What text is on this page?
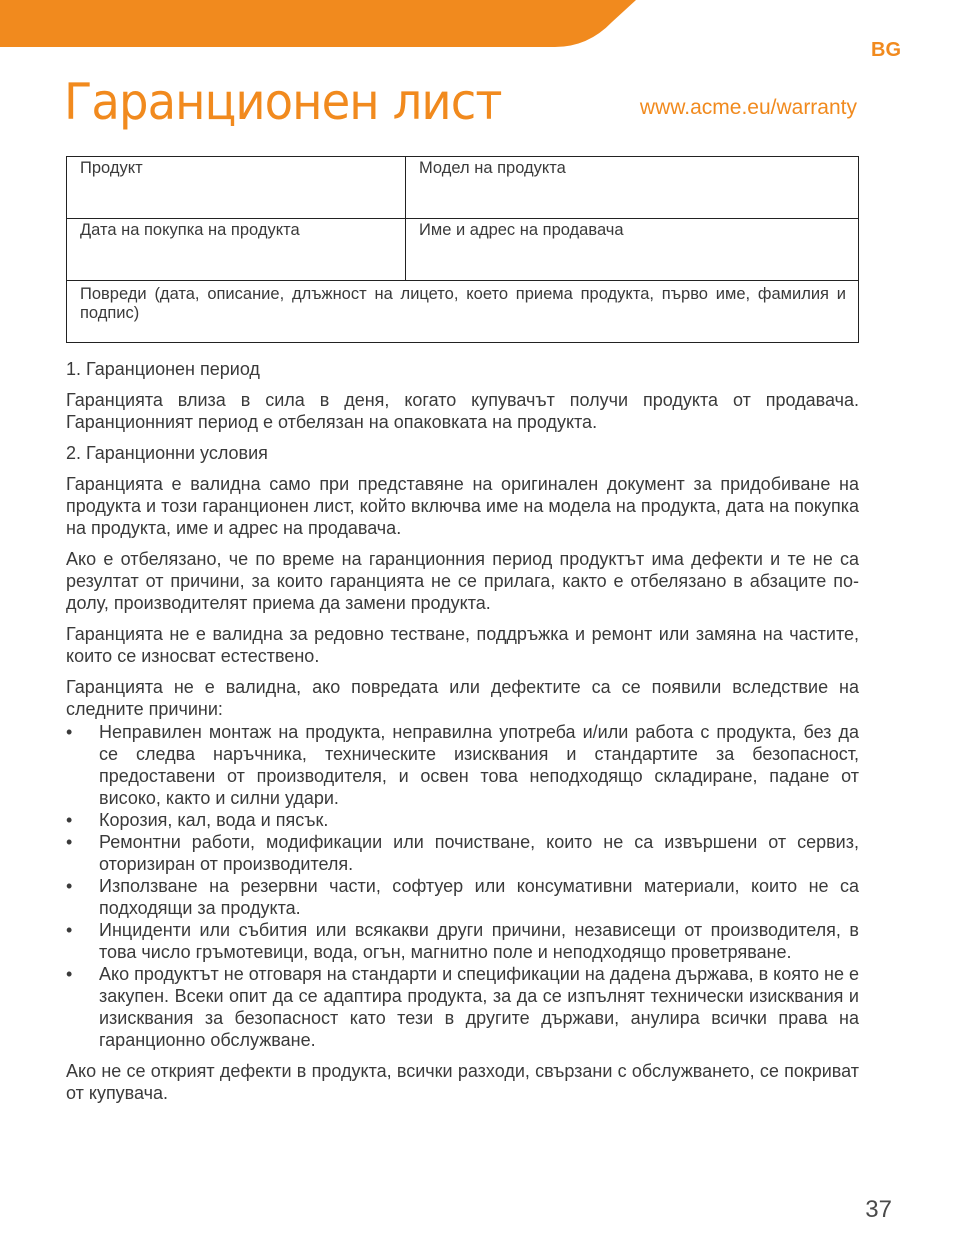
BG
Гаранционен лист	www.acme.eu/warranty
Продукт	Модел на продукта
Дата на покупка на продукта	Име и адрес на продавача
Повреди (дата, описание, длъжност на лицето, което приема продукта, първо име, фамилия и подпис)	

1. Гаранционен период

Гаранцията влиза в сила в деня, когато купувачът получи продукта от продавача. Гаранционният период е отбелязан на опаковката на продукта.

2. Гаранционни условия

Гаранцията е валидна само при представяне на оригинален документ за придобиване на продукта и този гаранционен лист, който включва име на модела на продукта, дата на покупка на продукта, име и адрес на продавача.

Ако е отбелязано, че по време на гаранционния период продуктът има дефекти и те не са резултат от причини, за които гаранцията не се прилага, както е отбелязано в абзаците по-долу, производителят приема да замени продукта.

Гаранцията не е валидна за редовно тестване, поддръжка и ремонт или замяна на частите, които се износват естествено.

Гаранцията не е валидна, ако повредата или дефектите са се появили вследствие на следните причини:

• Неправилен монтаж на продукта, неправилна употреба и/или работа с продукта, без да се следва наръчника, техническите изисквания и стандартите за безопасност, предоставени от производителя, и освен това неподходящо складиране, падане от високо, както и силни удари.
• Корозия, кал, вода и пясък.
• Ремонтни работи, модификации или почистване, които не са извършени от сервиз, оторизиран от производителя.
• Използване на резервни части, софтуер или консумативни материали, които не са подходящи за продукта.
• Инциденти или събития или всякакви други причини, независещи от производителя, в това число гръмотевици, вода, огън, магнитно поле и неподходящо проветряване.
• Ако продуктът не отговаря на стандарти и спецификации на дадена държава, в която не е закупен. Всеки опит да се адаптира продукта, за да се изпълнят технически изисквания и изисквания за безопасност като тези в другите държави, анулира всички права на гаранционно обслужване.

Ако не се открият дефекти в продукта, всички разходи, свързани с обслужването, се покриват от купувача.

37
